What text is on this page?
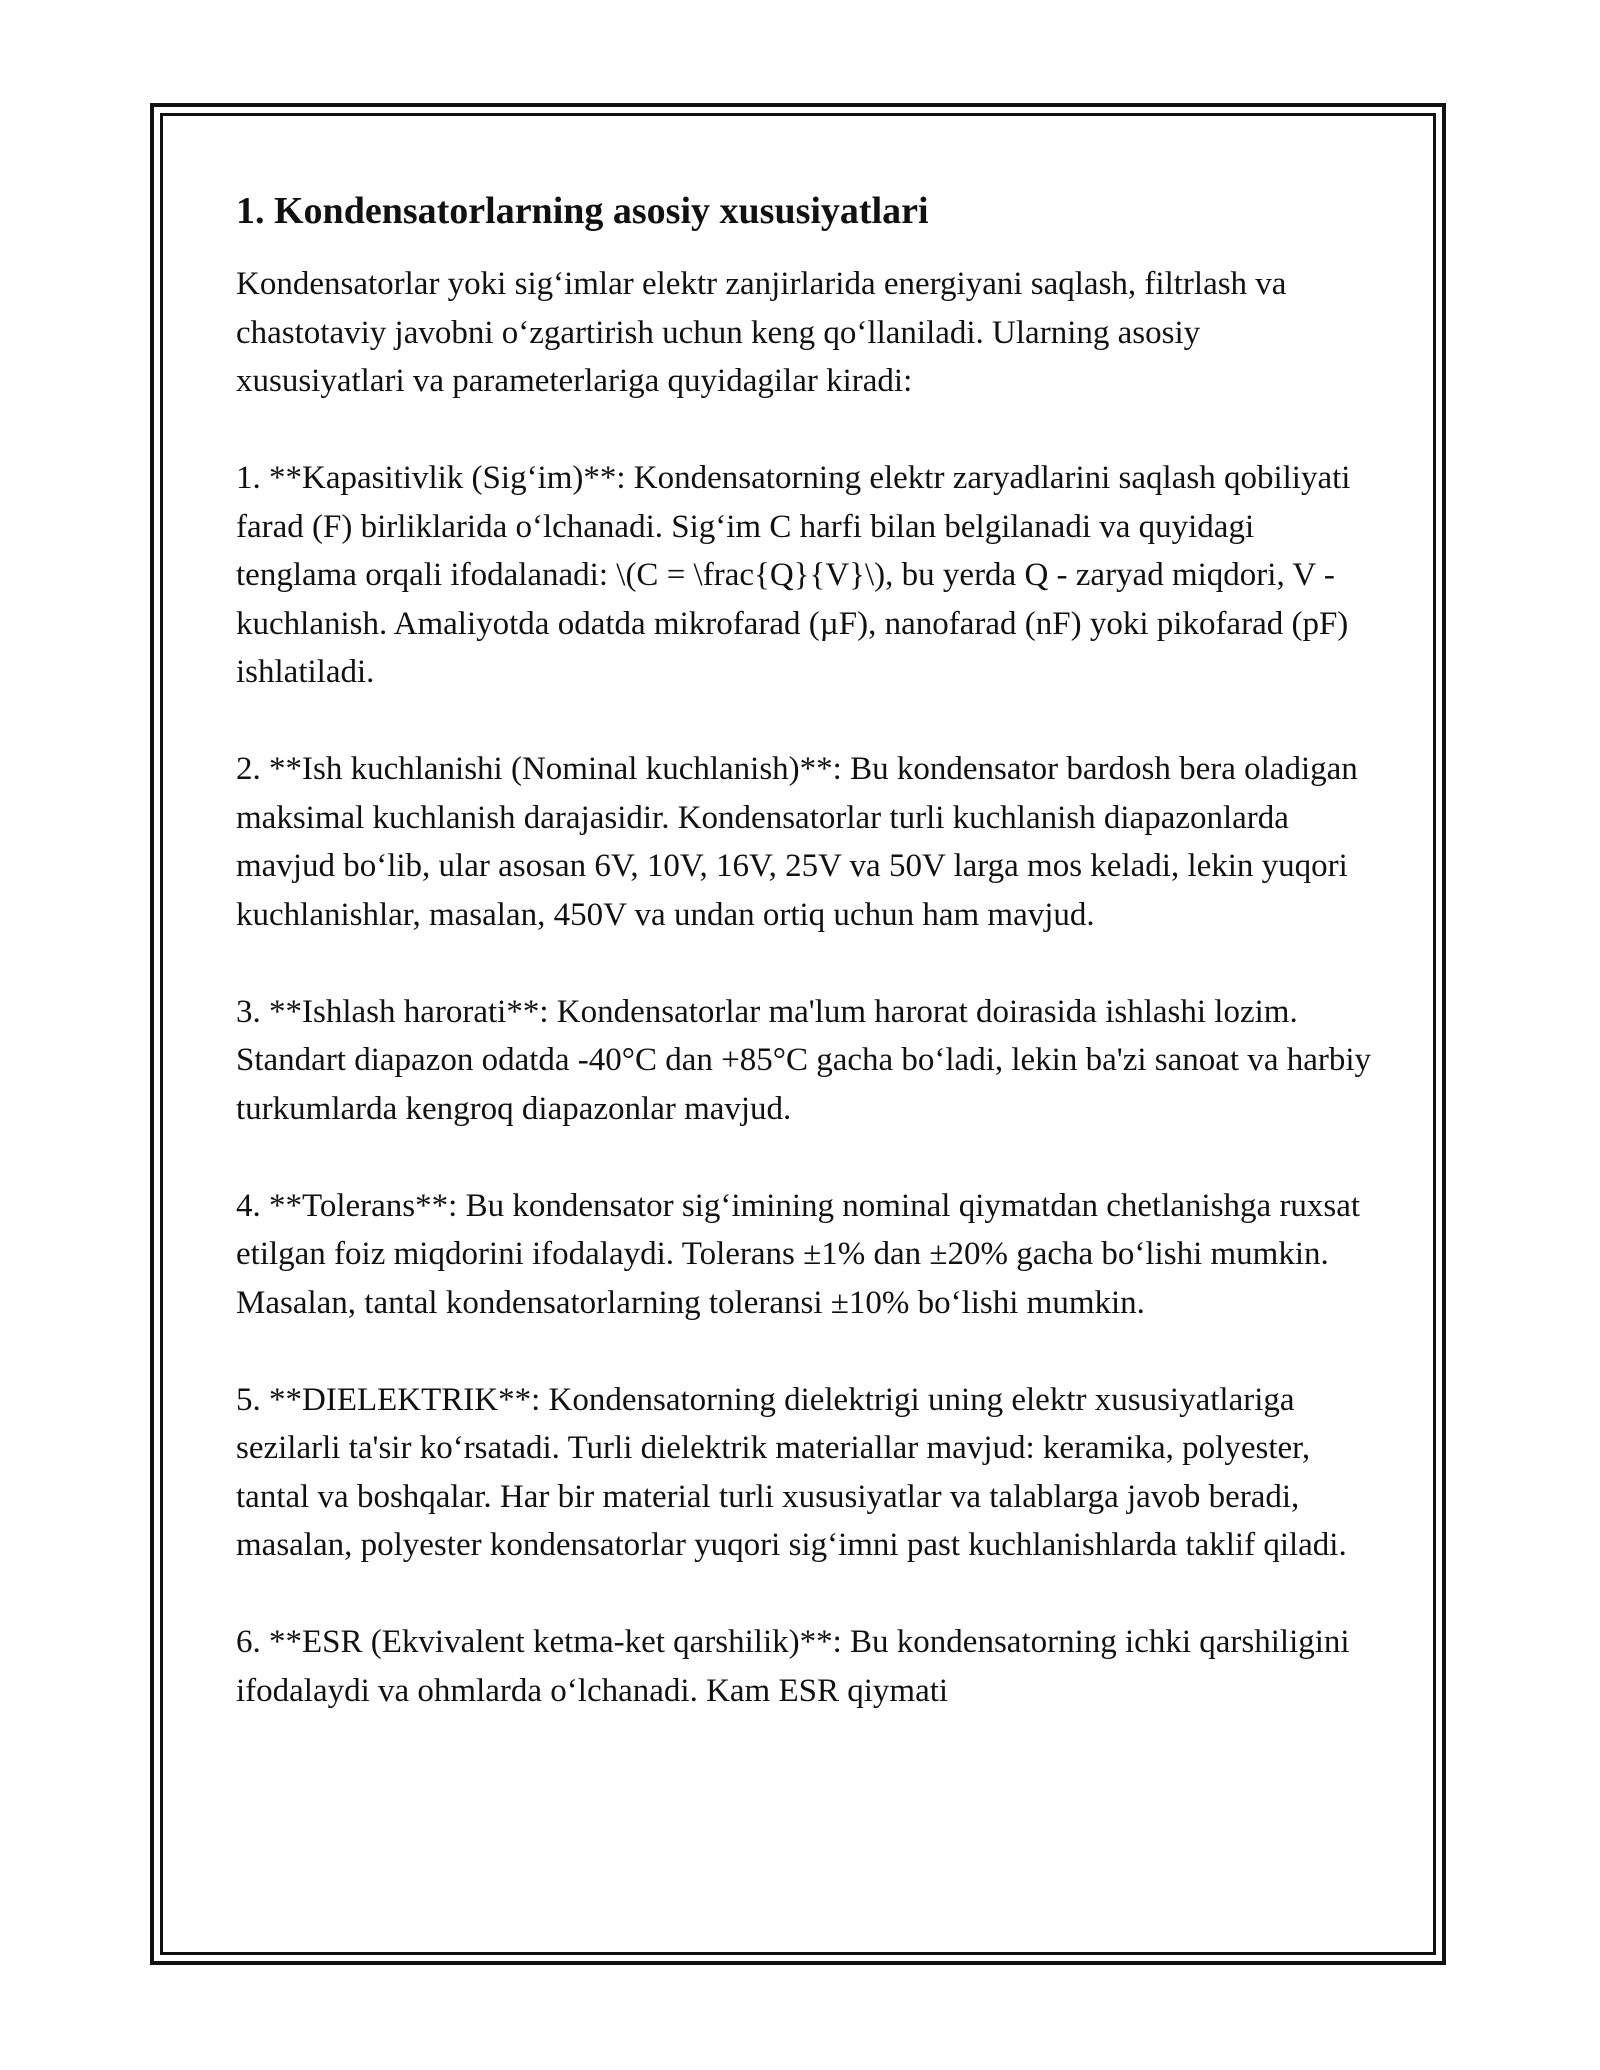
1. Kondensatorlarning asosiy xususiyatlari

Kondensatorlar yoki sig‘imlar elektr zanjirlarida energiyani saqlash, filtrlash va chastotaviy javobni o‘zgartirish uchun keng qo‘llaniladi. Ularning asosiy xususiyatlari va parameterlariga quyidagilar kiradi:

1. **Kapasitivlik (Sig‘im)**: Kondensatorning elektr zaryadlarini saqlash qobiliyati farad (F) birliklarida o‘lchanadi. Sig‘im C harfi bilan belgilanadi va quyidagi tenglama orqali ifodalanadi: \(C = \frac{Q}{V}\), bu yerda Q - zaryad miqdori, V - kuchlanish. Amaliyotda odatda mikrofarad (µF), nanofarad (nF) yoki pikofarad (pF) ishlatiladi.

2. **Ish kuchlanishi (Nominal kuchlanish)**: Bu kondensator bardosh bera oladigan maksimal kuchlanish darajasidir. Kondensatorlar turli kuchlanish diapazonlarda mavjud bo‘lib, ular asosan 6V, 10V, 16V, 25V va 50V larga mos keladi, lekin yuqori kuchlanishlar, masalan, 450V va undan ortiq uchun ham mavjud.

3. **Ishlash harorati**: Kondensatorlar ma'lum harorat doirasida ishlashi lozim. Standart diapazon odatda -40°C dan +85°C gacha bo‘ladi, lekin ba'zi sanoat va harbiy turkumlarda kengroq diapazonlar mavjud.

4. **Tolerans**: Bu kondensator sig‘imining nominal qiymatdan chetlanishga ruxsat etilgan foiz miqdorini ifodalaydi. Tolerans ±1% dan ±20% gacha bo‘lishi mumkin. Masalan, tantal kondensatorlarning toleransi ±10% bo‘lishi mumkin.

5. **DIELEKTRIK**: Kondensatorning dielektrigi uning elektr xususiyatlariga sezilarli ta'sir ko‘rsatadi. Turli dielektrik materiallar mavjud: keramika, polyester, tantal va boshqalar. Har bir material turli xususiyatlar va talablarga javob beradi, masalan, polyester kondensatorlar yuqori sig‘imni past kuchlanishlarda taklif qiladi.

6. **ESR (Ekvivalent ketma-ket qarshilik)**: Bu kondensatorning ichki qarshiligini ifodalaydi va ohmlarda o‘lchanadi. Kam ESR qiymati
